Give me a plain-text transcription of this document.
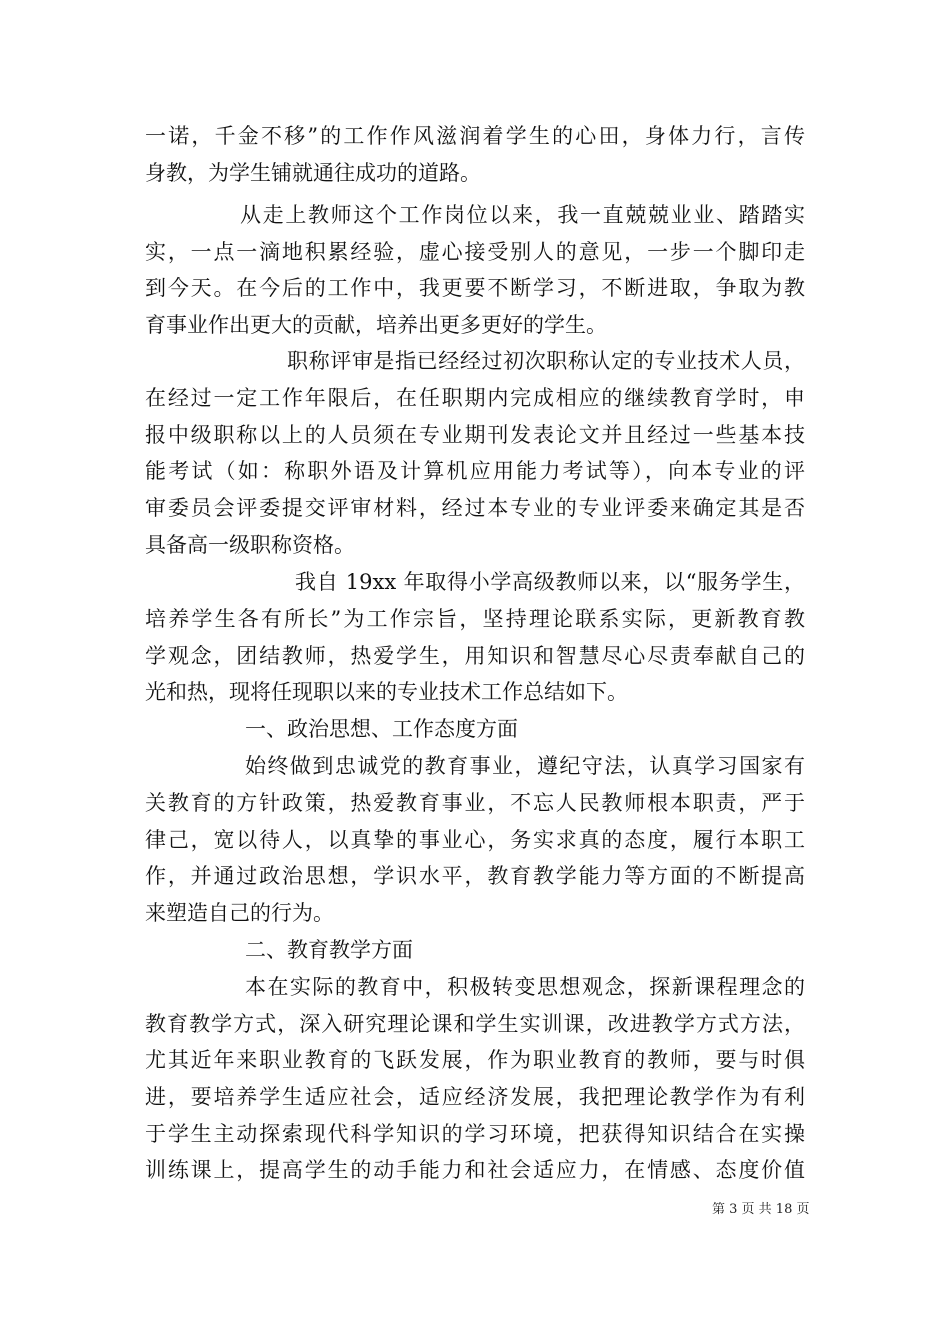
一诺，千金不移”的工作作风滋润着学生的心田，身体力行，言传
身教，为学生铺就通往成功的道路。
从走上教师这个工作岗位以来，我一直兢兢业业、踏踏实
实，一点一滴地积累经验，虚心接受别人的意见，一步一个脚印走
到今天。在今后的工作中，我更要不断学习，不断进取，争取为教
育事业作出更大的贡献，培养出更多更好的学生。
职称评审是指已经经过初次职称认定的专业技术人员，
在经过一定工作年限后，在任职期内完成相应的继续教育学时，申
报中级职称以上的人员须在专业期刊发表论文并且经过一些基本技
能考试（如：称职外语及计算机应用能力考试等），向本专业的评
审委员会评委提交评审材料，经过本专业的专业评委来确定其是否
具备高一级职称资格。
我自 19xx 年取得小学高级教师以来，以“服务学生，
培养学生各有所长”为工作宗旨，坚持理论联系实际，更新教育教
学观念，团结教师，热爱学生，用知识和智慧尽心尽责奉献自己的
光和热，现将任现职以来的专业技术工作总结如下。
一、政治思想、工作态度方面
始终做到忠诚党的教育事业，遵纪守法，认真学习国家有
关教育的方针政策，热爱教育事业，不忘人民教师根本职责，严于
律己，宽以待人，以真挚的事业心，务实求真的态度，履行本职工
作，并通过政治思想，学识水平，教育教学能力等方面的不断提高
来塑造自己的行为。
二、教育教学方面
本在实际的教育中，积极转变思想观念，探新课程理念的
教育教学方式，深入研究理论课和学生实训课，改进教学方式方法，
尤其近年来职业教育的飞跃发展，作为职业教育的教师，要与时俱
进，要培养学生适应社会，适应经济发展，我把理论教学作为有利
于学生主动探索现代科学知识的学习环境，把获得知识结合在实操
训练课上，提高学生的动手能力和社会适应力，在情感、态度价值
第 3 页 共 18 页
